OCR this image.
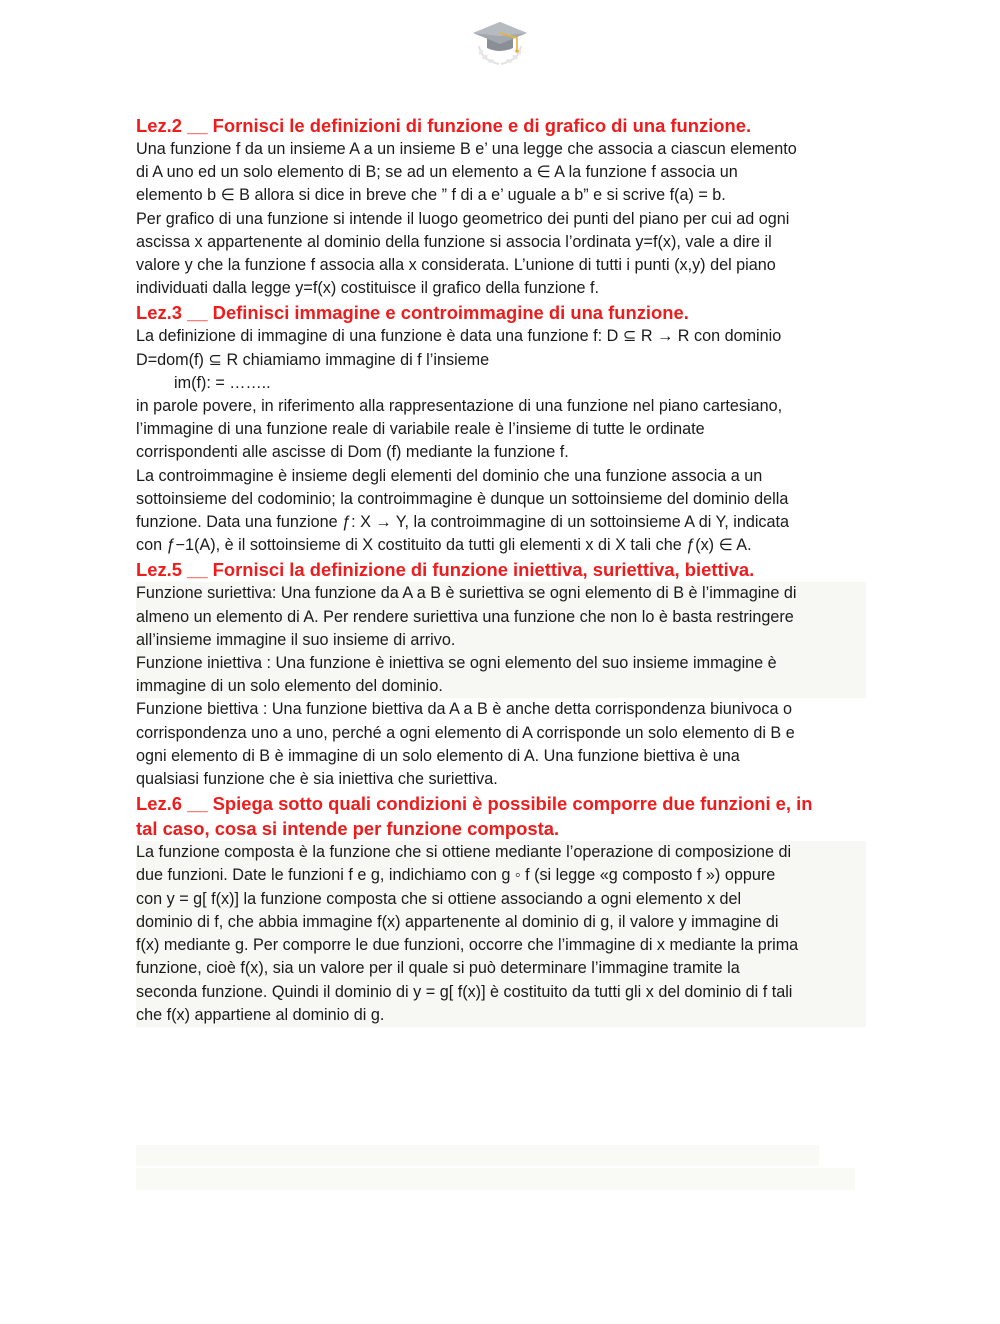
Lez.2 __ Fornisci le definizioni di funzione e di grafico di una funzione.

Una funzione f da un insieme A a un insieme B e’ una legge che associa a ciascun elemento
di A uno ed un solo elemento di B; se ad un elemento a ∈ A la funzione f associa un
elemento b ∈ B allora si dice in breve che ” f di a e’ uguale a b” e si scrive f(a) = b.

Per grafico di una funzione si intende il luogo geometrico dei punti del piano per cui ad ogni
ascissa x appartenente al dominio della funzione si associa l’ordinata y=f(x), vale a dire il
valore y che la funzione f associa alla x considerata. L’unione di tutti i punti (x,y) del piano
individuati dalla legge y=f(x) costituisce il grafico della funzione f.

Lez.3 __ Definisci immagine e controimmagine di una funzione.

La definizione di immagine di una funzione è data una funzione f: D ⊆ R → R con dominio
D=dom(f) ⊆ R chiamiamo immagine di f l’insieme

im(f): = ……..

in parole povere, in riferimento alla rappresentazione di una funzione nel piano cartesiano,
l’immagine di una funzione reale di variabile reale è l’insieme di tutte le ordinate
corrispondenti alle ascisse di Dom (f) mediante la funzione f.

La controimmagine è insieme degli elementi del dominio che una funzione associa a un
sottoinsieme del codominio; la controimmagine è dunque un sottoinsieme del dominio della
funzione. Data una funzione ƒ: X → Y, la controimmagine di un sottoinsieme A di Y, indicata
con ƒ−1(A), è il sottoinsieme di X costituito da tutti gli elementi x di X tali che ƒ(x) ∈ A.

Lez.5 __ Fornisci la definizione di funzione iniettiva, suriettiva, biettiva.

Funzione suriettiva: Una funzione da A a B è suriettiva se ogni elemento di B è l’immagine di
almeno un elemento di A. Per rendere suriettiva una funzione che non lo è basta restringere
all’insieme immagine il suo insieme di arrivo.

Funzione iniettiva : Una funzione è iniettiva se ogni elemento del suo insieme immagine è
immagine di un solo elemento del dominio.

Funzione biettiva : Una funzione biettiva da A a B è anche detta corrispondenza biunivoca o
corrispondenza uno a uno, perché a ogni elemento di A corrisponde un solo elemento di B e
ogni elemento di B è immagine di un solo elemento di A. Una funzione biettiva è una
qualsiasi funzione che è sia iniettiva che suriettiva.

Lez.6 __ Spiega sotto quali condizioni è possibile comporre due funzioni e, in
tal caso, cosa si intende per funzione composta.

La funzione composta è la funzione che si ottiene mediante l’operazione di composizione di
due funzioni. Date le funzioni f e g, indichiamo con g ◦ f (si legge «g composto f ») oppure
con y = g[ f(x)] la funzione composta che si ottiene associando a ogni elemento x del
dominio di f, che abbia immagine f(x) appartenente al dominio di g, il valore y immagine di
f(x) mediante g. Per comporre le due funzioni, occorre che l’immagine di x mediante la prima
funzione, cioè f(x), sia un valore per il quale si può determinare l’immagine tramite la
seconda funzione. Quindi il dominio di y = g[ f(x)] è costituito da tutti gli x del dominio di f tali
che f(x) appartiene al dominio di g.
